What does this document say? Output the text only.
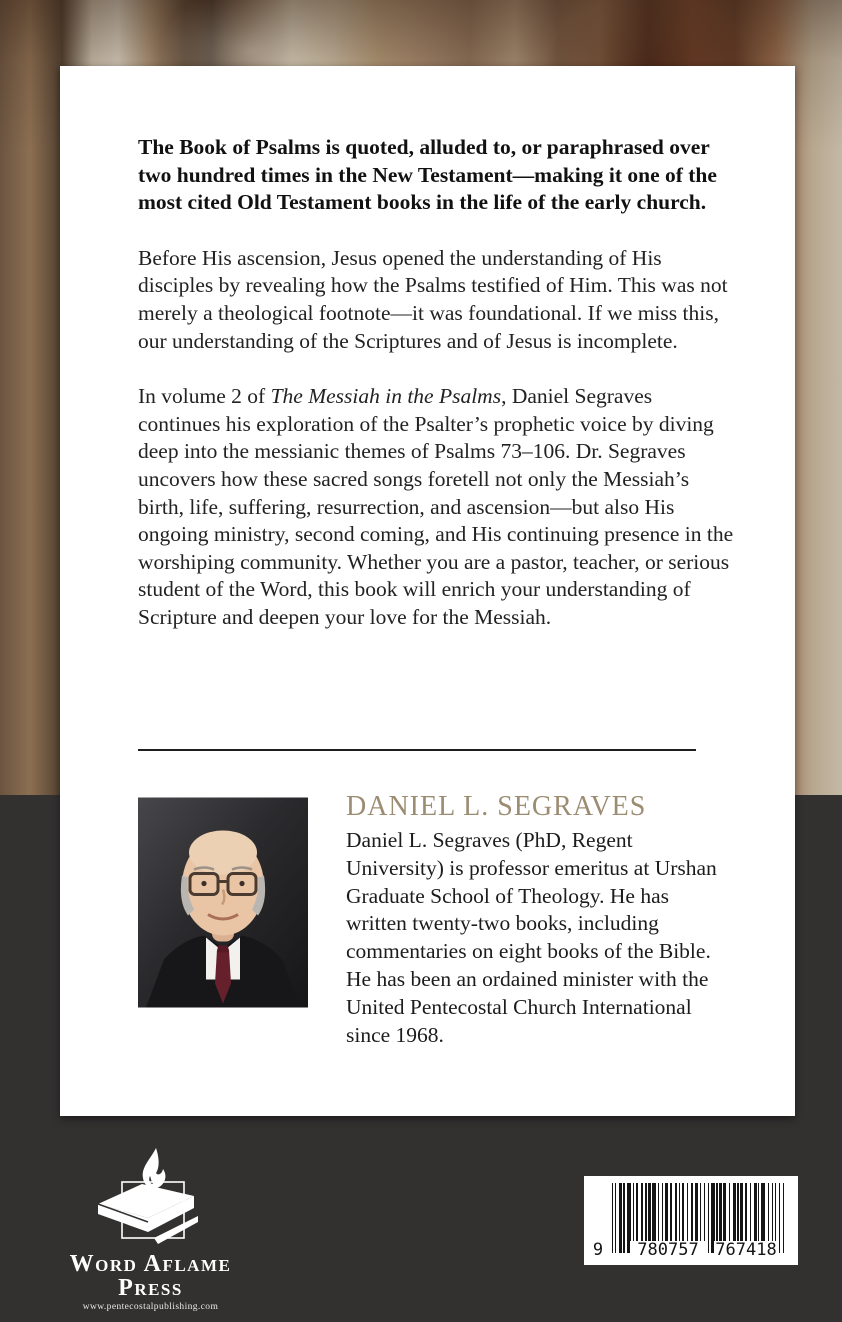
The Book of Psalms is quoted, alluded to, or paraphrased over two hundred times in the New Testament—making it one of the most cited Old Testament books in the life of the early church.

Before His ascension, Jesus opened the understanding of His disciples by revealing how the Psalms testified of Him. This was not merely a theological footnote—it was foundational. If we miss this, our understanding of the Scriptures and of Jesus is incomplete.

In volume 2 of The Messiah in the Psalms, Daniel Segraves continues his exploration of the Psalter’s prophetic voice by diving deep into the messianic themes of Psalms 73–106. Dr. Segraves uncovers how these sacred songs foretell not only the Messiah’s birth, life, suffering, resurrection, and ascension—but also His ongoing ministry, second coming, and His continuing presence in the worshiping community. Whether you are a pastor, teacher, or serious student of the Word, this book will enrich your understanding of Scripture and deepen your love for the Messiah.

DANIEL L. SEGRAVES

Daniel L. Segraves (PhD, Regent University) is professor emeritus at Urshan Graduate School of Theology. He has written twenty-two books, including commentaries on eight books of the Bible. He has been an ordained minister with the United Pentecostal Church International since 1968.

Word Aflame Press
www.pentecostalpublishing.com
9	780757 767418
